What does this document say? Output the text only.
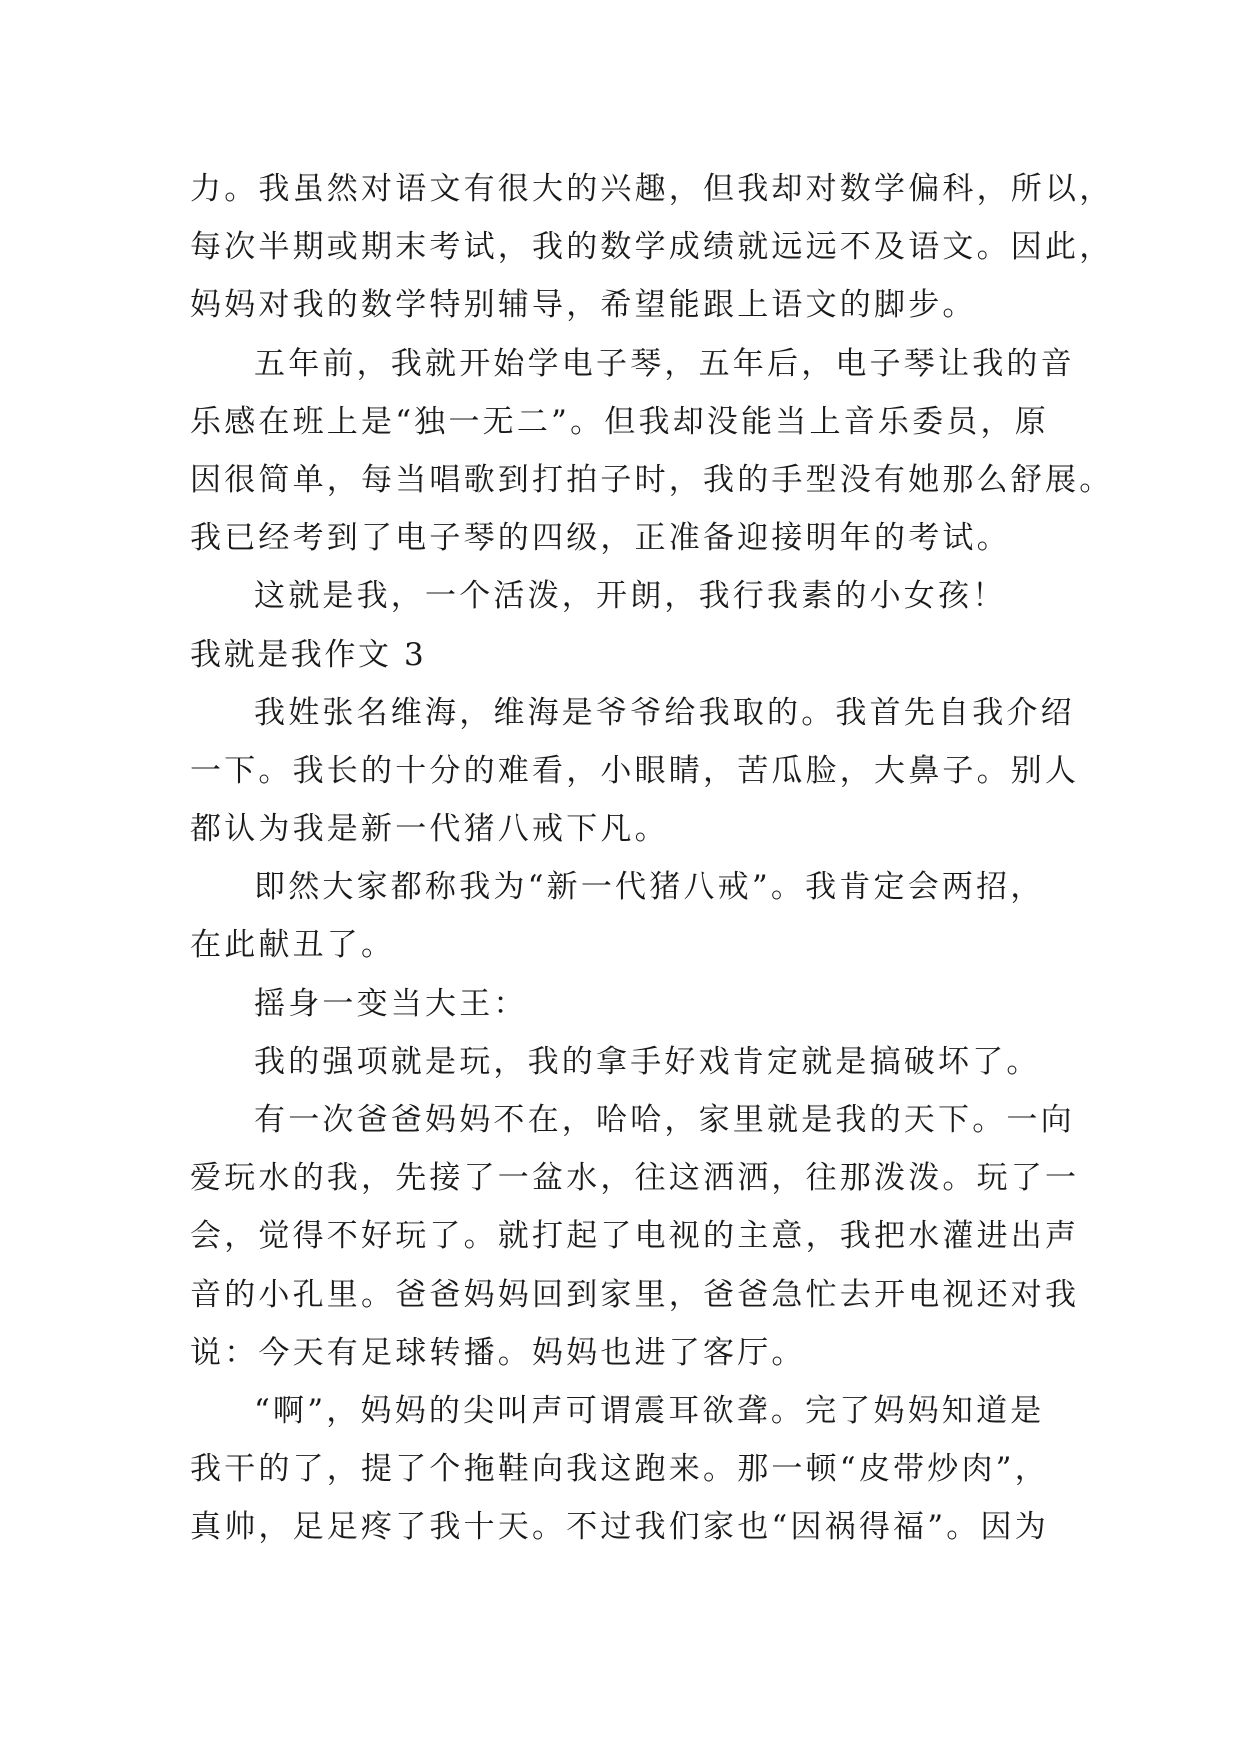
力。我虽然对语文有很大的兴趣，但我却对数学偏科，所以，
每次半期或期末考试，我的数学成绩就远远不及语文。因此，
妈妈对我的数学特别辅导，希望能跟上语文的脚步。
五年前，我就开始学电子琴，五年后，电子琴让我的音
乐感在班上是“独一无二”。但我却没能当上音乐委员，原
因很简单，每当唱歌到打拍子时，我的手型没有她那么舒展。
我已经考到了电子琴的四级，正准备迎接明年的考试。
这就是我，一个活泼，开朗，我行我素的小女孩！
我就是我作文 3
我姓张名维海，维海是爷爷给我取的。我首先自我介绍
一下。我长的十分的难看，小眼睛，苦瓜脸，大鼻子。别人
都认为我是新一代猪八戒下凡。
即然大家都称我为“新一代猪八戒”。我肯定会两招，
在此献丑了。
摇身一变当大王：
我的强项就是玩，我的拿手好戏肯定就是搞破坏了。
有一次爸爸妈妈不在，哈哈，家里就是我的天下。一向
爱玩水的我，先接了一盆水，往这洒洒，往那泼泼。玩了一
会，觉得不好玩了。就打起了电视的主意，我把水灌进出声
音的小孔里。爸爸妈妈回到家里，爸爸急忙去开电视还对我
说：今天有足球转播。妈妈也进了客厅。
“啊”，妈妈的尖叫声可谓震耳欲聋。完了妈妈知道是
我干的了，提了个拖鞋向我这跑来。那一顿“皮带炒肉”，
真帅，足足疼了我十天。不过我们家也“因祸得福”。因为
